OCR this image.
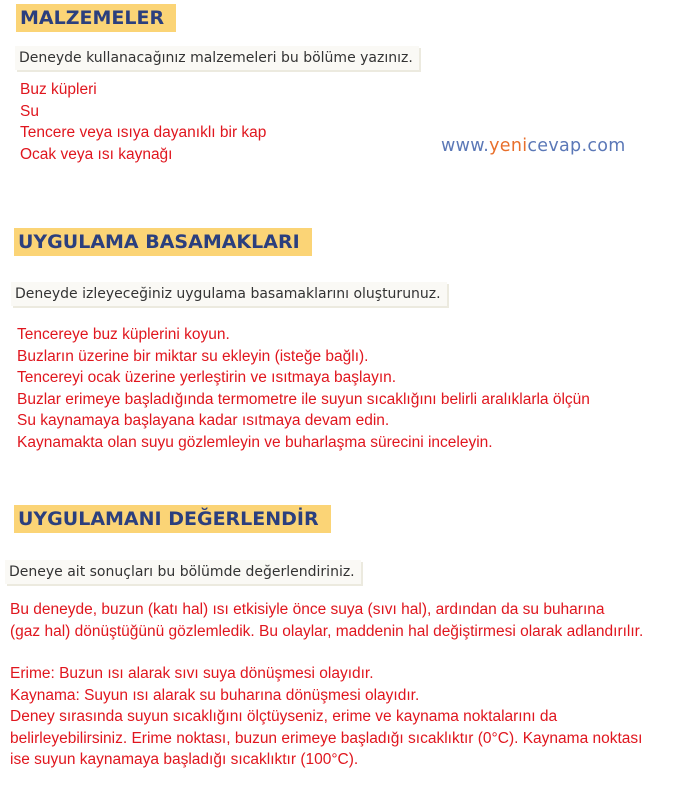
MALZEMELER
Deneyde kullanacağınız malzemeleri bu bölüme yazınız.
Buz küpleri
Su
Tencere veya ısıya dayanıklı bir kap
Ocak veya ısı kaynağı	www.yenicevap.com
UYGULAMA BASAMAKLARI
Deneyde izleyeceğiniz uygulama basamaklarını oluşturunuz.
Tencereye buz küplerini koyun.
Buzların üzerine bir miktar su ekleyin (isteğe bağlı).
Tencereyi ocak üzerine yerleştirin ve ısıtmaya başlayın.
Buzlar erimeye başladığında termometre ile suyun sıcaklığını belirli aralıklarla ölçün
Su kaynamaya başlayana kadar ısıtmaya devam edin.
Kaynamakta olan suyu gözlemleyin ve buharlaşma sürecini inceleyin.
UYGULAMANI DEĞERLENDİR
Deneye ait sonuçları bu bölümde değerlendiriniz.
Bu deneyde, buzun (katı hal) ısı etkisiyle önce suya (sıvı hal), ardından da su buharına
(gaz hal) dönüştüğünü gözlemledik. Bu olaylar, maddenin hal değiştirmesi olarak adlandırılır.
Erime: Buzun ısı alarak sıvı suya dönüşmesi olayıdır.
Kaynama: Suyun ısı alarak su buharına dönüşmesi olayıdır.
Deney sırasında suyun sıcaklığını ölçtüyseniz, erime ve kaynama noktalarını da
belirleyebilirsiniz. Erime noktası, buzun erimeye başladığı sıcaklıktır (0°C). Kaynama noktası
ise suyun kaynamaya başladığı sıcaklıktır (100°C).
